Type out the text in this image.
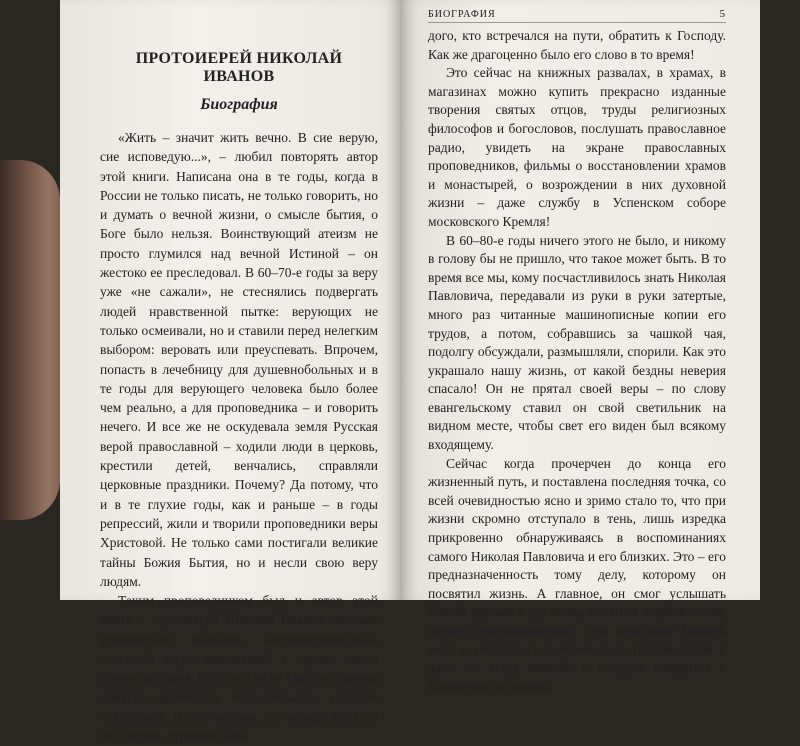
ПРОТОИЕРЕЙ НИКОЛАЙ ИВАНОВ
Биография

«Жить – значит жить вечно. В сие верую, сие исповедую...», – любил повторять автор этой книги. Написана она в те годы, когда в России не только писать, не только говорить, но и думать о вечной жизни, о смысле бытия, о Боге было нельзя. Воинствующий атеизм не просто глумился над вечной Истиной – он жестоко ее преследовал. В 60–70-е годы за веру уже «не сажали», не стеснялись подвергать людей нравственной пытке: верующих не только осмеивали, но и ставили перед нелегким выбором: веровать или преуспевать. Впрочем, попасть в лечебницу для душевнобольных и в те годы для верующего человека было более чем реально, а для проповедника – и говорить нечего. И все же не оскудевала земля Русская верой православной – ходили люди в церковь, крестили детей, венчались, справляли церковные праздники. Почему? Да потому, что и в те глухие годы, как и раньше – в годы репрессий, жили и творили проповедники веры Христовой. Не только сами постигали великие тайны Божия Бытия, но и несли свою веру людям.

Таким проповедником был и автор этой книги – протоиерей Николай Иванов: человек удивительно цельной, бескомпромиссной, огненной веры, вмещавший в сердце своем такую любовь к Богу, что ее не смогли сломить никакие жизненные обстоятельства, никакие искушения. И эту любовь, эту жажду Бога он нес людям, стремясь каж-

БИОГРАФИЯ	5

дого, кто встречался на пути, обратить к Господу. Как же драгоценно было его слово в то время!

Это сейчас на книжных развалах, в храмах, в магазинах можно купить прекрасно изданные творения святых отцов, труды религиозных философов и богословов, послушать православное радио, увидеть на экране православных проповедников, фильмы о восстановлении храмов и монастырей, о возрождении в них духовной жизни – даже службу в Успенском соборе московского Кремля!

В 60–80-е годы ничего этого не было, и никому в голову бы не пришло, что такое может быть. В то время все мы, кому посчастливилось знать Николая Павловича, передавали из руки в руки затертые, много раз читанные машинописные копии его трудов, а потом, собравшись за чашкой чая, подолгу обсуждали, размышляли, спорили. Как это украшало нашу жизнь, от какой бездны неверия спасало! Он не прятал своей веры – по слову евангельскому ставил он свой светильник на видном месте, чтобы свет его виден был всякому входящему.

Сейчас когда прочерчен до конца его жизненный путь, и поставлена последняя точка, со всей очевидностью ясно и зримо стало то, что при жизни скромно отступало в тень, лишь изредка прикровенно обнаруживаясь в воспоминаниях самого Николая Павловича и его близких. Это – его предназначенность тому делу, которому он посвятил жизнь. А главное, он смог услышать Божий призыв и до конца остаться верным этому своему предназначению. Это сочетание Божией воли и свободного человеческого произволения и дало тот плод многий, о котором говорится в Евангелии от Иоанна.
